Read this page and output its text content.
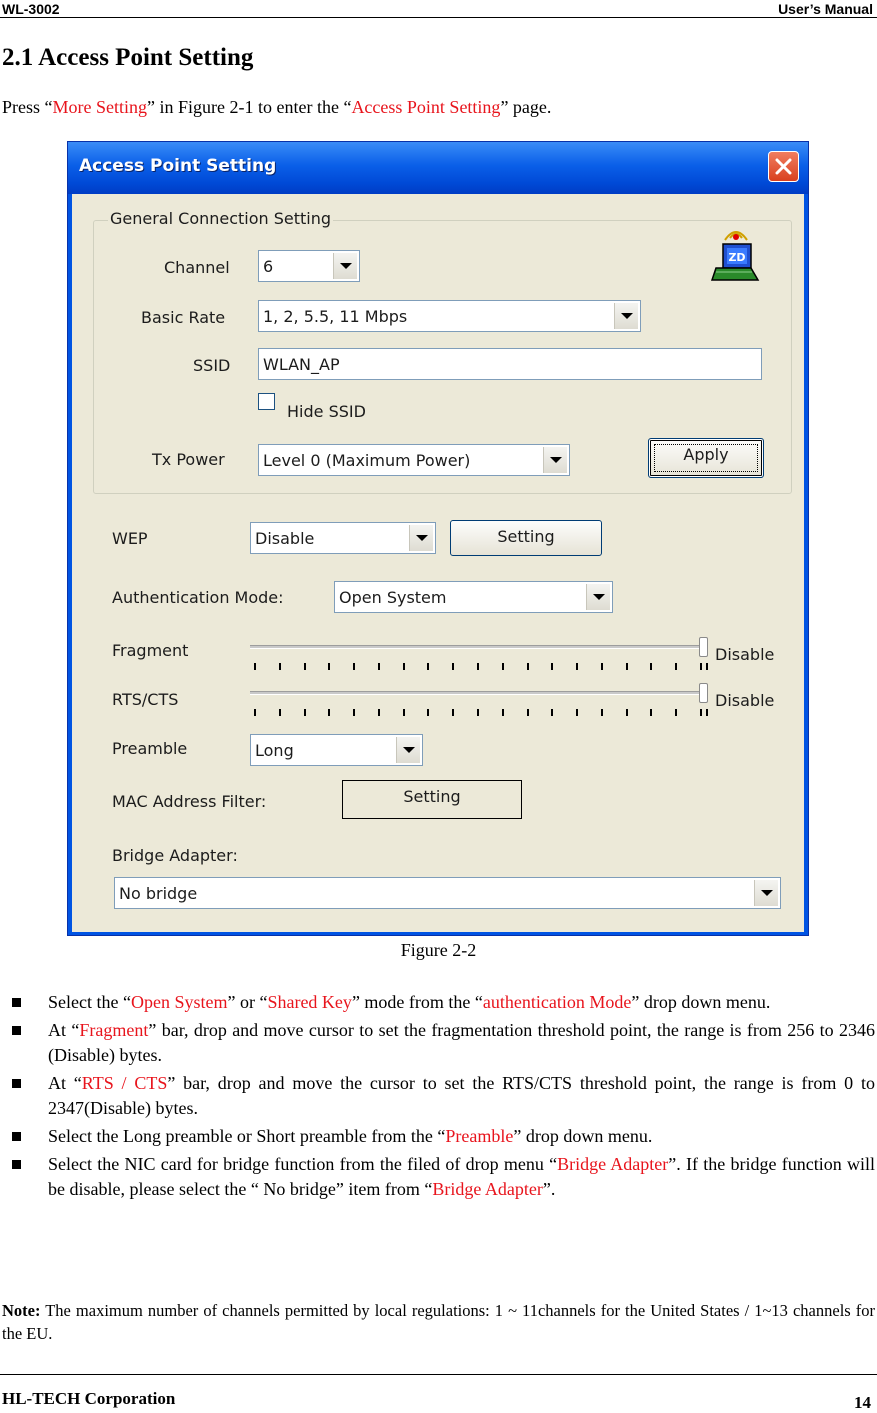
WL-3002	User’s Manual
2.1 Access Point Setting
Press “More Setting” in Figure 2-1 to enter the “Access Point Setting” page.
Access Point Setting
General Connection Setting
ZD
Channel 6
Basic Rate 1, 2, 5.5, 11 Mbps
SSID WLAN_AP
Hide SSID
Tx Power Level 0 (Maximum Power)	Apply
WEP	Disable	Setting
Authentication Mode:	Open System
Fragment	Disable
RTS/CTS	Disable
Preamble	Long
MAC Address Filter:	Setting
Bridge Adapter:
No bridge
Figure 2-2
Select the “Open System” or “Shared Key” mode from the “authentication Mode” drop down menu.
At “Fragment” bar, drop and move cursor to set the fragmentation threshold point, the range is from 256 to 2346 (Disable) bytes.
At “RTS / CTS” bar, drop and move the cursor to set the RTS/CTS threshold point, the range is from 0 to 2347(Disable) bytes.
Select the Long preamble or Short preamble from the “Preamble” drop down menu.
Select the NIC card for bridge function from the filed of drop menu “Bridge Adapter”. If the bridge function will be disable, please select the “ No bridge” item from “Bridge Adapter”.
Note: The maximum number of channels permitted by local regulations: 1 ~ 11channels for the United States / 1~13 channels for the EU.
HL-TECH Corporation	14
